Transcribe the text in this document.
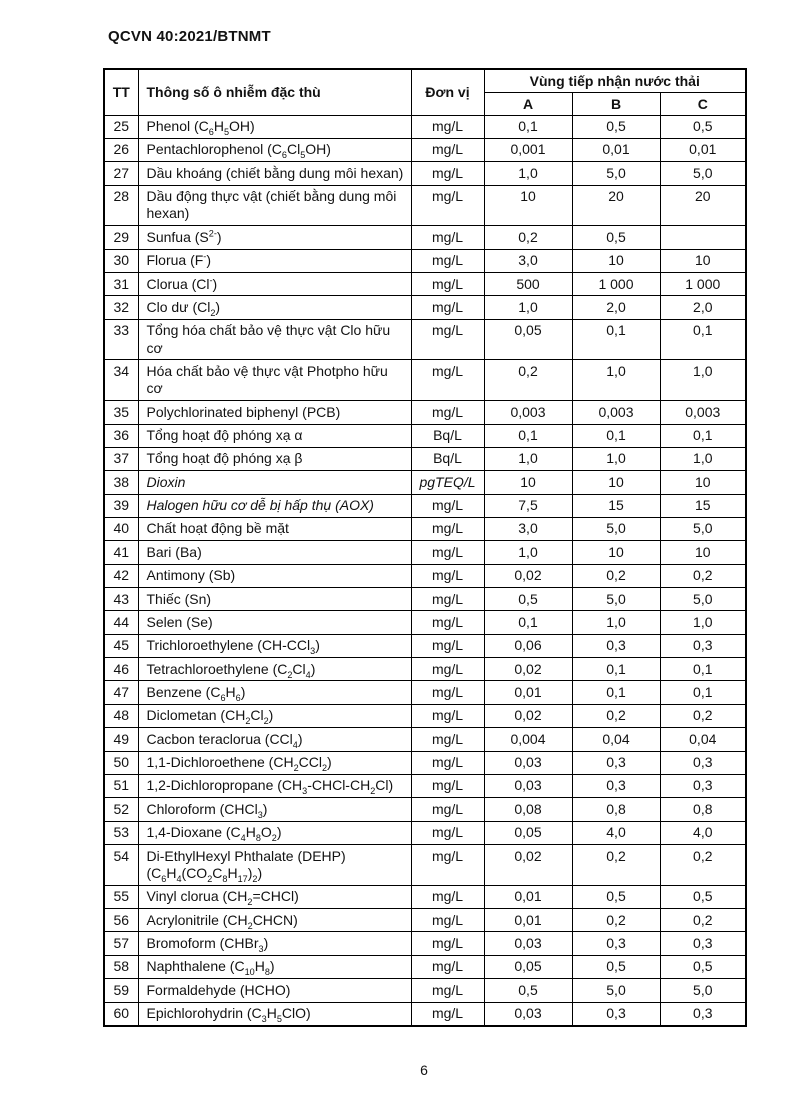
QCVN 40:2021/BTNMT
TT	Thông số ô nhiễm đặc thù	Đơn vị	Vùng tiếp nhận nước thải		
			A	B	C
25	Phenol $(C_6H_5OH)$	mg/L	0,1	0,5	0,5
26	Pentachlorophenol $(C_6Cl_5OH)$	mg/L	0,001	0,01	0,01
27	Dầu khoáng (chiết bằng dung môi hexan)	mg/L	1,0	5,0	5,0
28	Dầu động thực vật (chiết bằng dung môi hexan)	mg/L	10	20	20
29	Sunfua $(S^{2-})$	mg/L	0,2	0,5	
30	Florua (F-)	mg/L	3,0	10	10
31	Clorua (Cl-)	mg/L	500	1 000	1 000
32	Clo dư $(Cl_2)$	mg/L	1,0	2,0	2,0
33	Tổng hóa chất bảo vệ thực vật Clo hữu cơ	mg/L	0,05	0,1	0,1
34	Hóa chất bảo vệ thực vật Photpho hữu cơ	mg/L	0,2	1,0	1,0
35	Polychlorinated biphenyl (PCB)	mg/L	0,003	0,003	0,003
36	Tổng hoạt độ phóng xạ α	Bq/L	0,1	0,1	0,1
37	Tổng hoạt độ phóng xạ β	Bq/L	1,0	1,0	1,0
38	Dioxin	pgTEQ/L	10	10	10
39	Halogen hữu cơ dễ bị hấp thụ (AOX)	mg/L	7,5	15	15
40	Chất hoạt động bề mặt	mg/L	3,0	5,0	5,0
41	Bari (Ba)	mg/L	1,0	10	10
42	Antimony (Sb)	mg/L	0,02	0,2	0,2
43	Thiếc (Sn)	mg/L	0,5	5,0	5,0
44	Selen (Se)	mg/L	0,1	1,0	1,0
45	Trichloroethylene (CH-CCl$_3$)	mg/L	0,06	0,3	0,3
46	Tetrachloroethylene $(C_2Cl_4)$	mg/L	0,02	0,1	0,1
47	Benzene $(C_6H_6)$	mg/L	0,01	0,1	0,1
48	Diclometan $(CH_2Cl_2)$	mg/L	0,02	0,2	0,2
49	Cacbon teraclorua (CCl$_4$)	mg/L	0,004	0,04	0,04
50	1,1-Dichloroethene $(CH_2CCl_2)$	mg/L	0,03	0,3	0,3
51	1,2-Dichloropropane $(CH_3-CHCl-CH_2Cl)$	mg/L	0,03	0,3	0,3
52	Chloroform (CHCl$_3$)	mg/L	0,08	0,8	0,8
53	1,4-Dioxane $(C_4H_8O_2)$	mg/L	0,05	4,0	4,0
54	Di-EthylHexyl Phthalate (DEHP) $(C_6H_4(CO_2C_8H_{17})_2)$	mg/L	0,02	0,2	0,2
55	Vinyl clorua $(CH_2=CHCl)$	mg/L	0,01	0,5	0,5
56	Acrylonitrile $(CH_2CHCN)$	mg/L	0,01	0,2	0,2
57	Bromoform (CHBr$_3$)	mg/L	0,03	0,3	0,3
58	Naphthalene $(C_{10}H_8)$	mg/L	0,05	0,5	0,5
59	Formaldehyde (HCHO)	mg/L	0,5	5,0	5,0
60	Epichlorohydrin $(C_3H_5ClO)$	mg/L	0,03	0,3	0,3
6
